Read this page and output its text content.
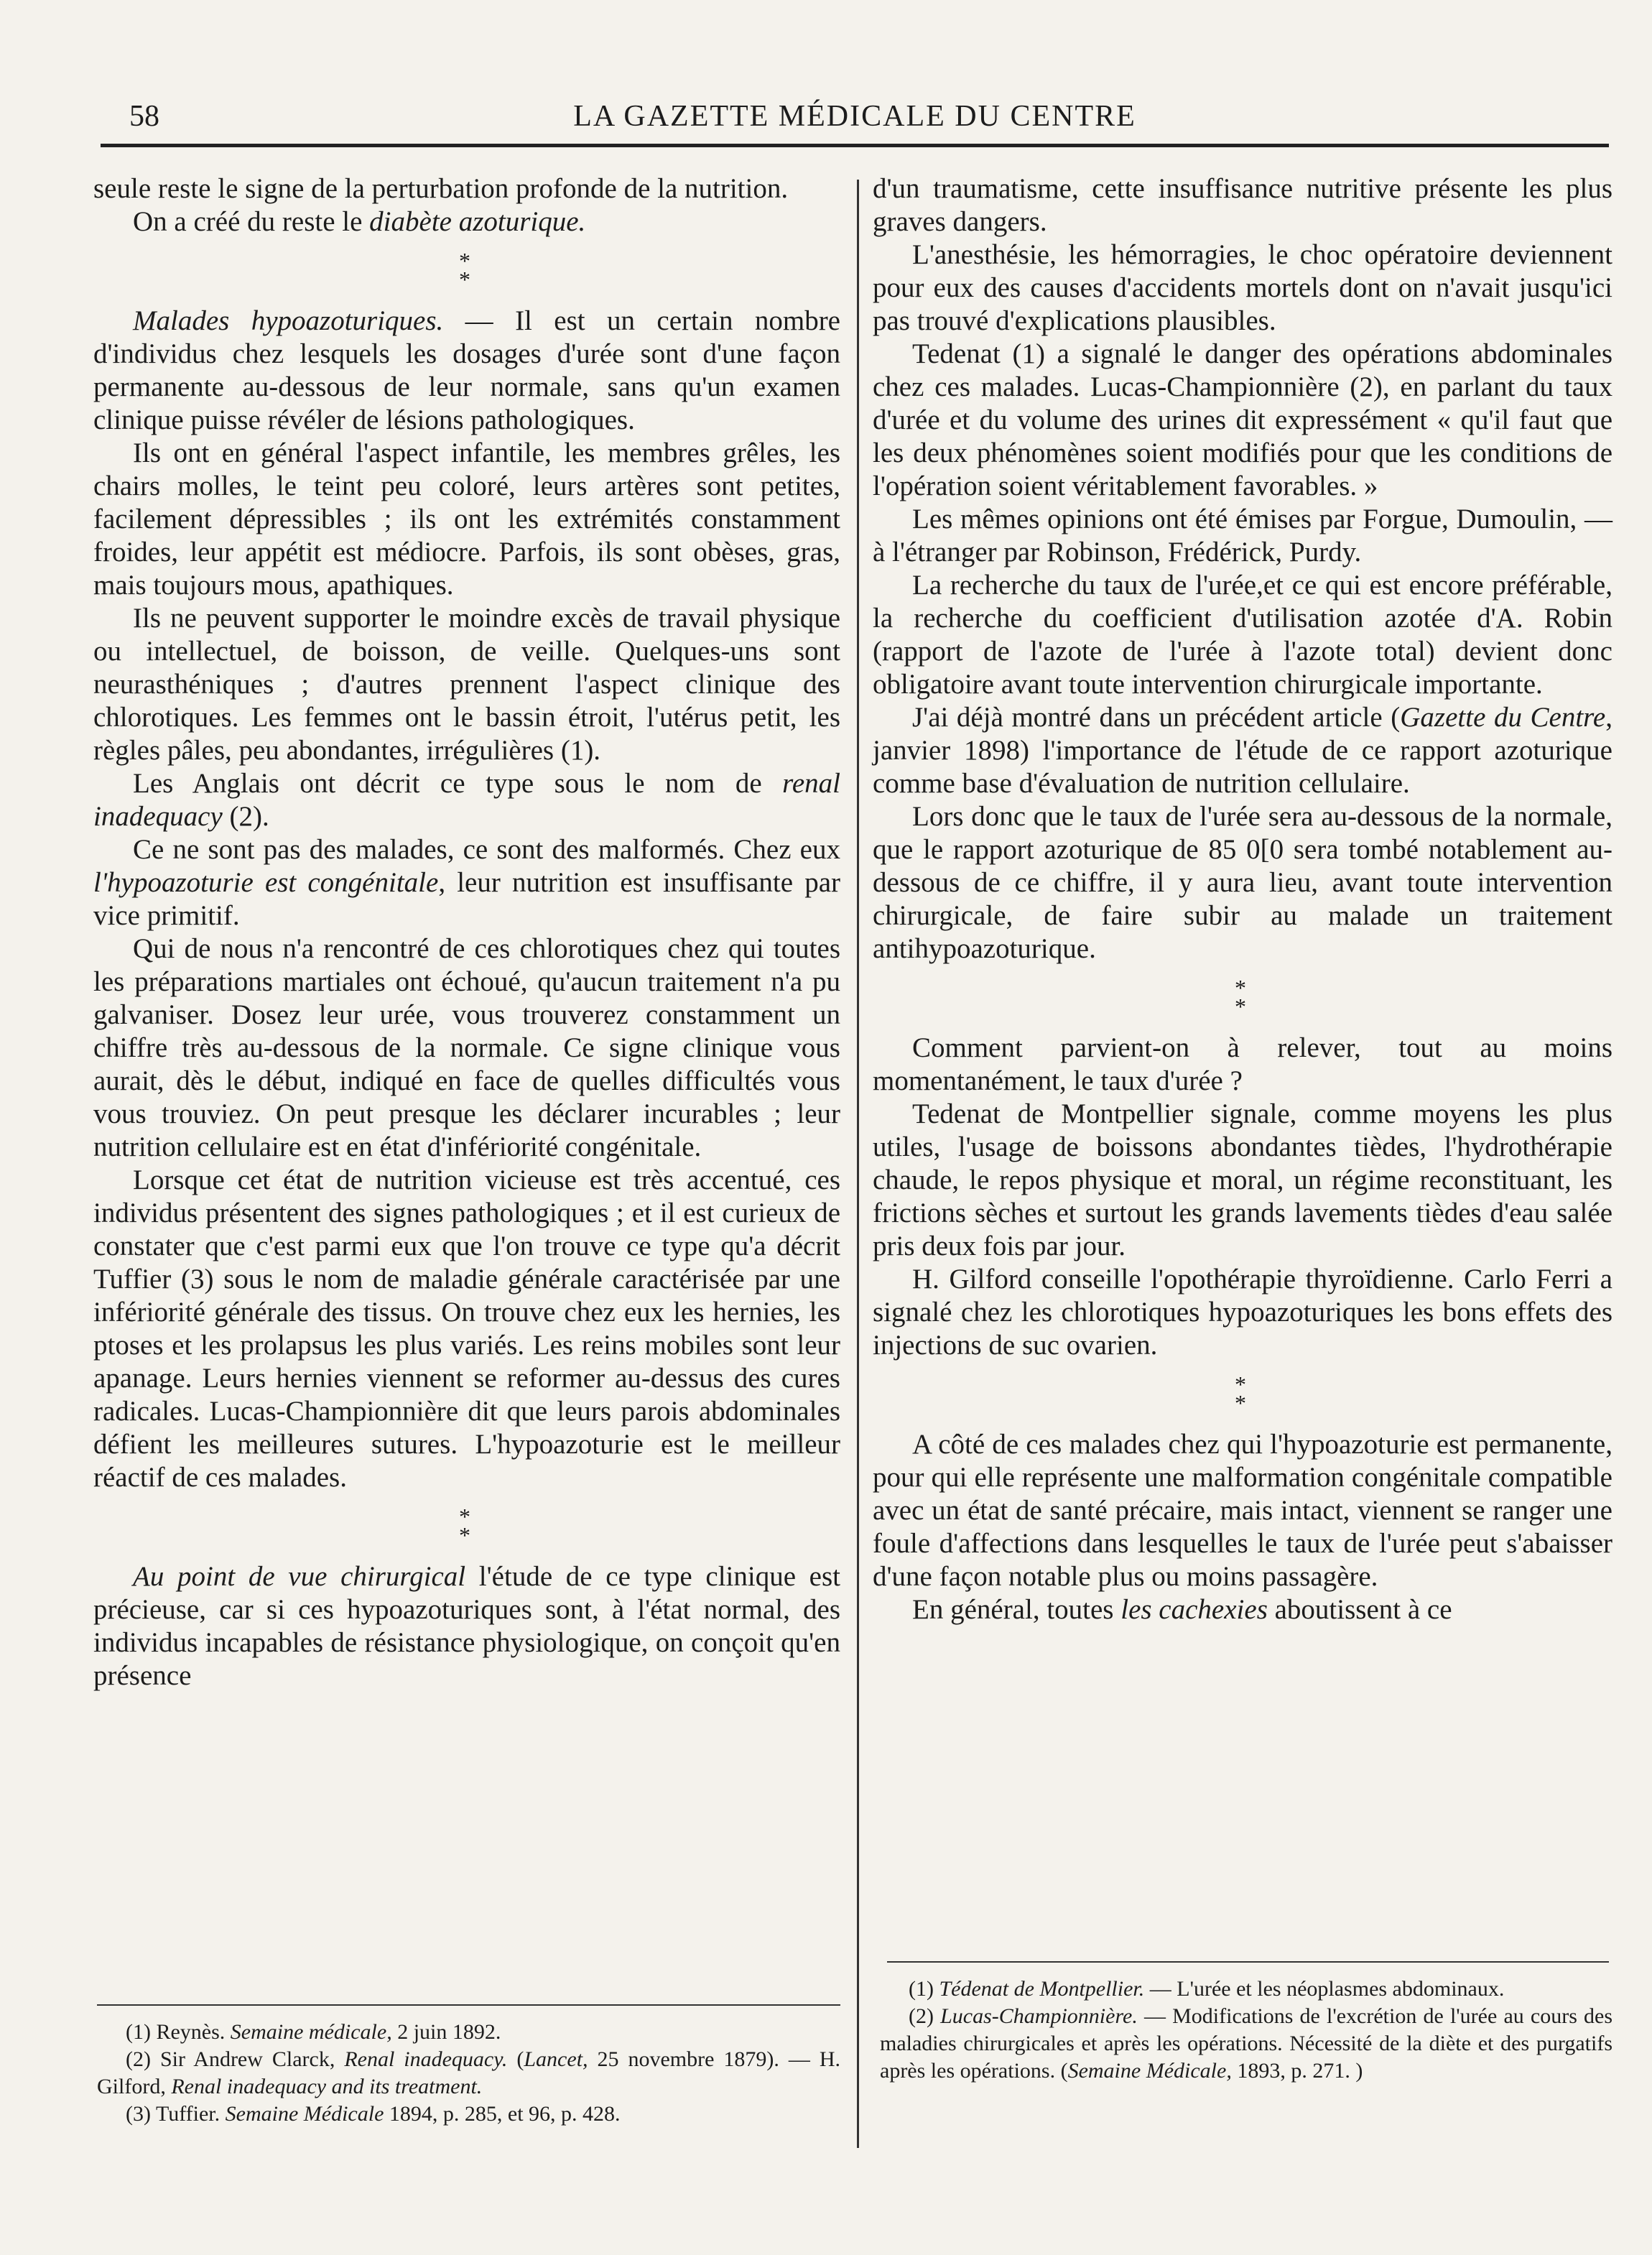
58	LA GAZETTE MÉDICALE DU CENTRE

seule reste le signe de la perturbation profonde de la nutrition.

On a créé du reste le diabète azoturique.

*
*

Malades hypoazoturiques. — Il est un certain nombre d'individus chez lesquels les dosages d'urée sont d'une façon permanente au-dessous de leur normale, sans qu'un examen clinique puisse révéler de lésions pathologiques.

Ils ont en général l'aspect infantile, les membres grêles, les chairs molles, le teint peu coloré, leurs artères sont petites, facilement dépressibles ; ils ont les extrémités constamment froides, leur appétit est médiocre. Parfois, ils sont obèses, gras, mais toujours mous, apathiques.

Ils ne peuvent supporter le moindre excès de travail physique ou intellectuel, de boisson, de veille. Quelques-uns sont neurasthéniques ; d'autres prennent l'aspect clinique des chlorotiques. Les femmes ont le bassin étroit, l'utérus petit, les règles pâles, peu abondantes, irrégulières (1).

Les Anglais ont décrit ce type sous le nom de renal inadequacy (2).

Ce ne sont pas des malades, ce sont des malformés. Chez eux l'hypoazoturie est congénitale, leur nutrition est insuffisante par vice primitif.

Qui de nous n'a rencontré de ces chlorotiques chez qui toutes les préparations martiales ont échoué, qu'aucun traitement n'a pu galvaniser. Dosez leur urée, vous trouverez constamment un chiffre très au-dessous de la normale. Ce signe clinique vous aurait, dès le début, indiqué en face de quelles difficultés vous vous trouviez. On peut presque les déclarer incurables ; leur nutrition cellulaire est en état d'infériorité congénitale.

Lorsque cet état de nutrition vicieuse est très accentué, ces individus présentent des signes pathologiques ; et il est curieux de constater que c'est parmi eux que l'on trouve ce type qu'a décrit Tuffier (3) sous le nom de maladie générale caractérisée par une infériorité générale des tissus. On trouve chez eux les hernies, les ptoses et les prolapsus les plus variés. Les reins mobiles sont leur apanage. Leurs hernies viennent se reformer au-dessus des cures radicales. Lucas-Championnière dit que leurs parois abdominales défient les meilleures sutures. L'hypoazoturie est le meilleur réactif de ces malades.

*
*

Au point de vue chirurgical l'étude de ce type clinique est précieuse, car si ces hypoazoturiques sont, à l'état normal, des individus incapables de résistance physiologique, on conçoit qu'en présence

d'un traumatisme, cette insuffisance nutritive présente les plus graves dangers.

L'anesthésie, les hémorragies, le choc opératoire deviennent pour eux des causes d'accidents mortels dont on n'avait jusqu'ici pas trouvé d'explications plausibles.

Tedenat (1) a signalé le danger des opérations abdominales chez ces malades. Lucas-Championnière (2), en parlant du taux d'urée et du volume des urines dit expressément « qu'il faut que les deux phénomènes soient modifiés pour que les conditions de l'opération soient véritablement favorables. »

Les mêmes opinions ont été émises par Forgue, Dumoulin, — à l'étranger par Robinson, Frédérick, Purdy.

La recherche du taux de l'urée,et ce qui est encore préférable, la recherche du coefficient d'utilisation azotée d'A. Robin (rapport de l'azote de l'urée à l'azote total) devient donc obligatoire avant toute intervention chirurgicale importante.

J'ai déjà montré dans un précédent article (Gazette du Centre, janvier 1898) l'importance de l'étude de ce rapport azoturique comme base d'évaluation de nutrition cellulaire.

Lors donc que le taux de l'urée sera au-dessous de la normale, que le rapport azoturique de 85 0[0 sera tombé notablement au-dessous de ce chiffre, il y aura lieu, avant toute intervention chirurgicale, de faire subir au malade un traitement antihypoazoturique.

*
*

Comment parvient-on à relever, tout au moins momentanément, le taux d'urée ?

Tedenat de Montpellier signale, comme moyens les plus utiles, l'usage de boissons abondantes tièdes, l'hydrothérapie chaude, le repos physique et moral, un régime reconstituant, les frictions sèches et surtout les grands lavements tièdes d'eau salée pris deux fois par jour.

H. Gilford conseille l'opothérapie thyroïdienne. Carlo Ferri a signalé chez les chlorotiques hypoazoturiques les bons effets des injections de suc ovarien.

*
*

A côté de ces malades chez qui l'hypoazoturie est permanente, pour qui elle représente une malformation congénitale compatible avec un état de santé précaire, mais intact, viennent se ranger une foule d'affections dans lesquelles le taux de l'urée peut s'abaisser d'une façon notable plus ou moins passagère.

En général, toutes les cachexies aboutissent à ce

(1) Reynès. Semaine médicale, 2 juin 1892.

(2) Sir Andrew Clarck, Renal inadequacy. (Lancet, 25 novembre 1879). — H. Gilford, Renal inadequacy and its treatment.

(3) Tuffier. Semaine Médicale 1894, p. 285, et 96, p. 428.

(1) Tédenat de Montpellier. — L'urée et les néoplasmes abdominaux.

(2) Lucas-Championnière. — Modifications de l'excrétion de l'urée au cours des maladies chirurgicales et après les opérations. Nécessité de la diète et des purgatifs après les opérations. (Semaine Médicale, 1893, p. 271. )
